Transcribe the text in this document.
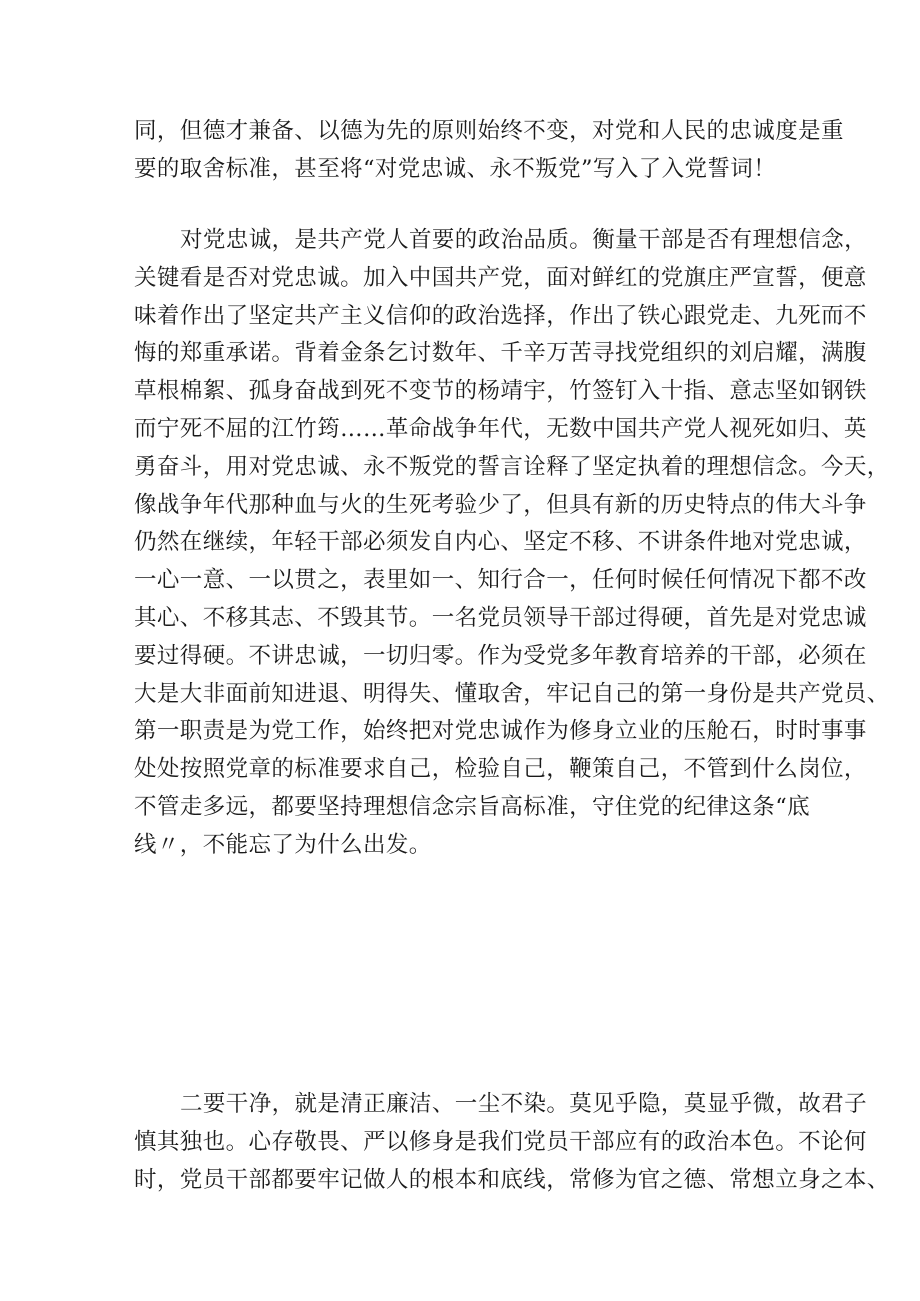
同，但德才兼备、以德为先的原则始终不变，对党和人民的忠诚度是重
要的取舍标准，甚至将“对党忠诚、永不叛党”写入了入党誓词！
对党忠诚，是共产党人首要的政治品质。衡量干部是否有理想信念，
关键看是否对党忠诚。加入中国共产党，面对鲜红的党旗庄严宣誓，便意
味着作出了坚定共产主义信仰的政治选择，作出了铁心跟党走、九死而不
悔的郑重承诺。背着金条乞讨数年、千辛万苦寻找党组织的刘启耀，满腹
草根棉絮、孤身奋战到死不变节的杨靖宇，竹签钉入十指、意志坚如钢铁
而宁死不屈的江竹筠……革命战争年代，无数中国共产党人视死如归、英
勇奋斗，用对党忠诚、永不叛党的誓言诠释了坚定执着的理想信念。今天，
像战争年代那种血与火的生死考验少了，但具有新的历史特点的伟大斗争
仍然在继续，年轻干部必须发自内心、坚定不移、不讲条件地对党忠诚，
一心一意、一以贯之，表里如一、知行合一，任何时候任何情况下都不改
其心、不移其志、不毁其节。一名党员领导干部过得硬，首先是对党忠诚
要过得硬。不讲忠诚，一切归零。作为受党多年教育培养的干部，必须在
大是大非面前知进退、明得失、懂取舍，牢记自己的第一身份是共产党员、
第一职责是为党工作，始终把对党忠诚作为修身立业的压舱石，时时事事
处处按照党章的标准要求自己，检验自己，鞭策自己，不管到什么岗位，
不管走多远，都要坚持理想信念宗旨高标准，守住党的纪律这条“底
线〃，不能忘了为什么出发。
二要干净，就是清正廉洁、一尘不染。莫见乎隐，莫显乎微，故君子
慎其独也。心存敬畏、严以修身是我们党员干部应有的政治本色。不论何
时，党员干部都要牢记做人的根本和底线，常修为官之德、常想立身之本、
